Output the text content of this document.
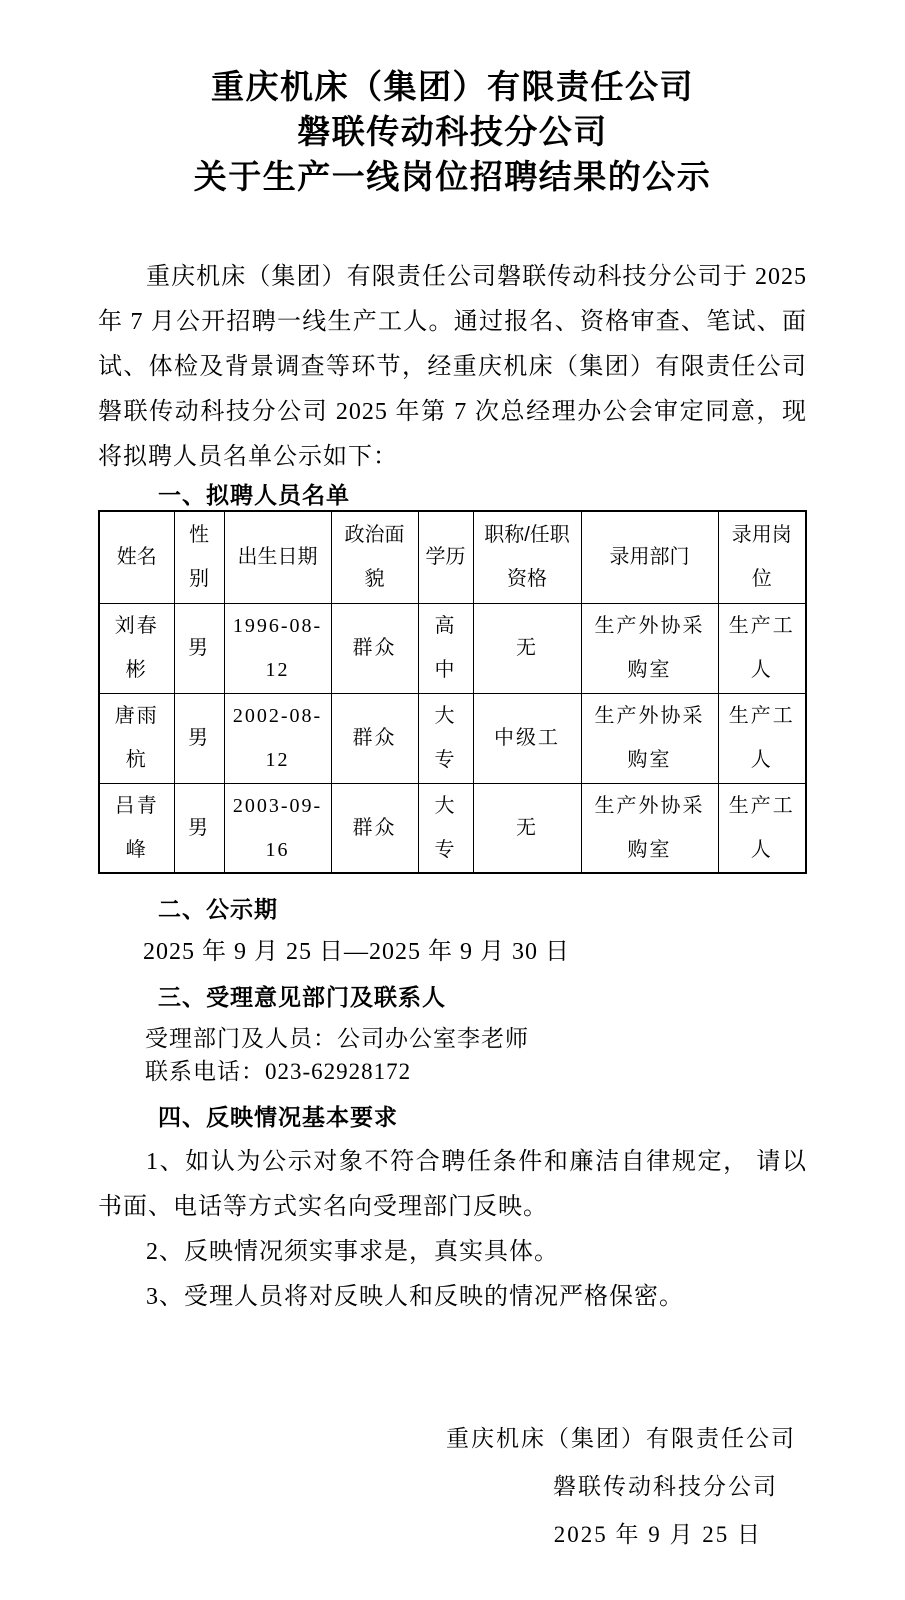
重庆机床（集团）有限责任公司
磐联传动科技分公司
关于生产一线岗位招聘结果的公示

重庆机床（集团）有限责任公司磐联传动科技分公司于 2025 年 7 月公开招聘一线生产工人。通过报名、资格审查、笔试、面试、体检及背景调查等环节，经重庆机床（集团）有限责任公司磐联传动科技分公司 2025 年第 7 次总经理办公会审定同意，现将拟聘人员名单公示如下：

一、拟聘人员名单
姓名	性别	出生日期	政治面貌	学历	职称/任职资格	录用部门	录用岗位
刘春彬	男	1996-08-12	群众	高中	无	生产外协采购室	生产工人
唐雨杭	男	2002-08-12	群众	大专	中级工	生产外协采购室	生产工人
吕青峰	男	2003-09-16	群众	大专	无	生产外协采购室	生产工人
二、公示期
2025 年 9 月 25 日—2025 年 9 月 30 日
三、受理意见部门及联系人
受理部门及人员：公司办公室李老师
联系电话：023-62928172
四、反映情况基本要求

1、如认为公示对象不符合聘任条件和廉洁自律规定， 请以书面、电话等方式实名向受理部门反映。

2、反映情况须实事求是，真实具体。

3、受理人员将对反映人和反映的情况严格保密。

重庆机床（集团）有限责任公司
磐联传动科技分公司
2025 年 9 月 25 日
